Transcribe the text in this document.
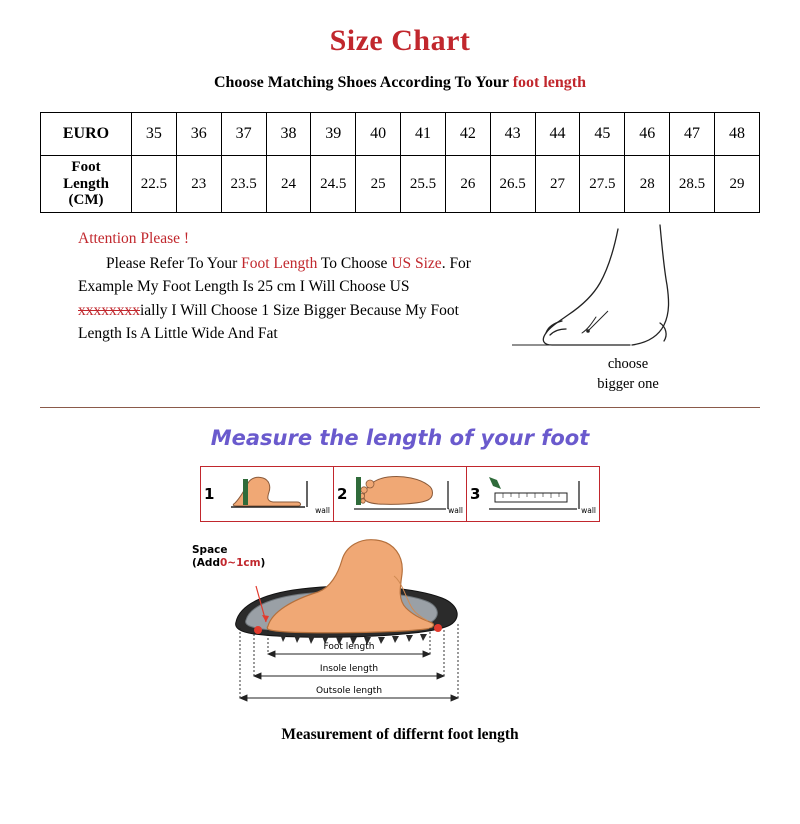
Size Chart
Choose Matching Shoes According To Your foot length
EURO	35	36	37	38	39	40	41	42	43	44	45	46	47	48

Foot
Length
(CM)	22.5	23	23.5	24	24.5	25	25.5	26	26.5	27	27.5	28	28.5	29
Attention Please !
Please Refer To Your Foot Length To Choose US Size. For Example My Foot Length Is 25 cm I Will Choose US xxxxxxxxially I Will Choose 1 Size Bigger Because My Foot Length Is A Little Wide And Fat
choose
bigger one
Measure the length of your foot
1
wall
2
wall
3
wall
Space
(Add0~1cm)
Foot length
Insole length
Outsole length
Measurement of differnt foot length
